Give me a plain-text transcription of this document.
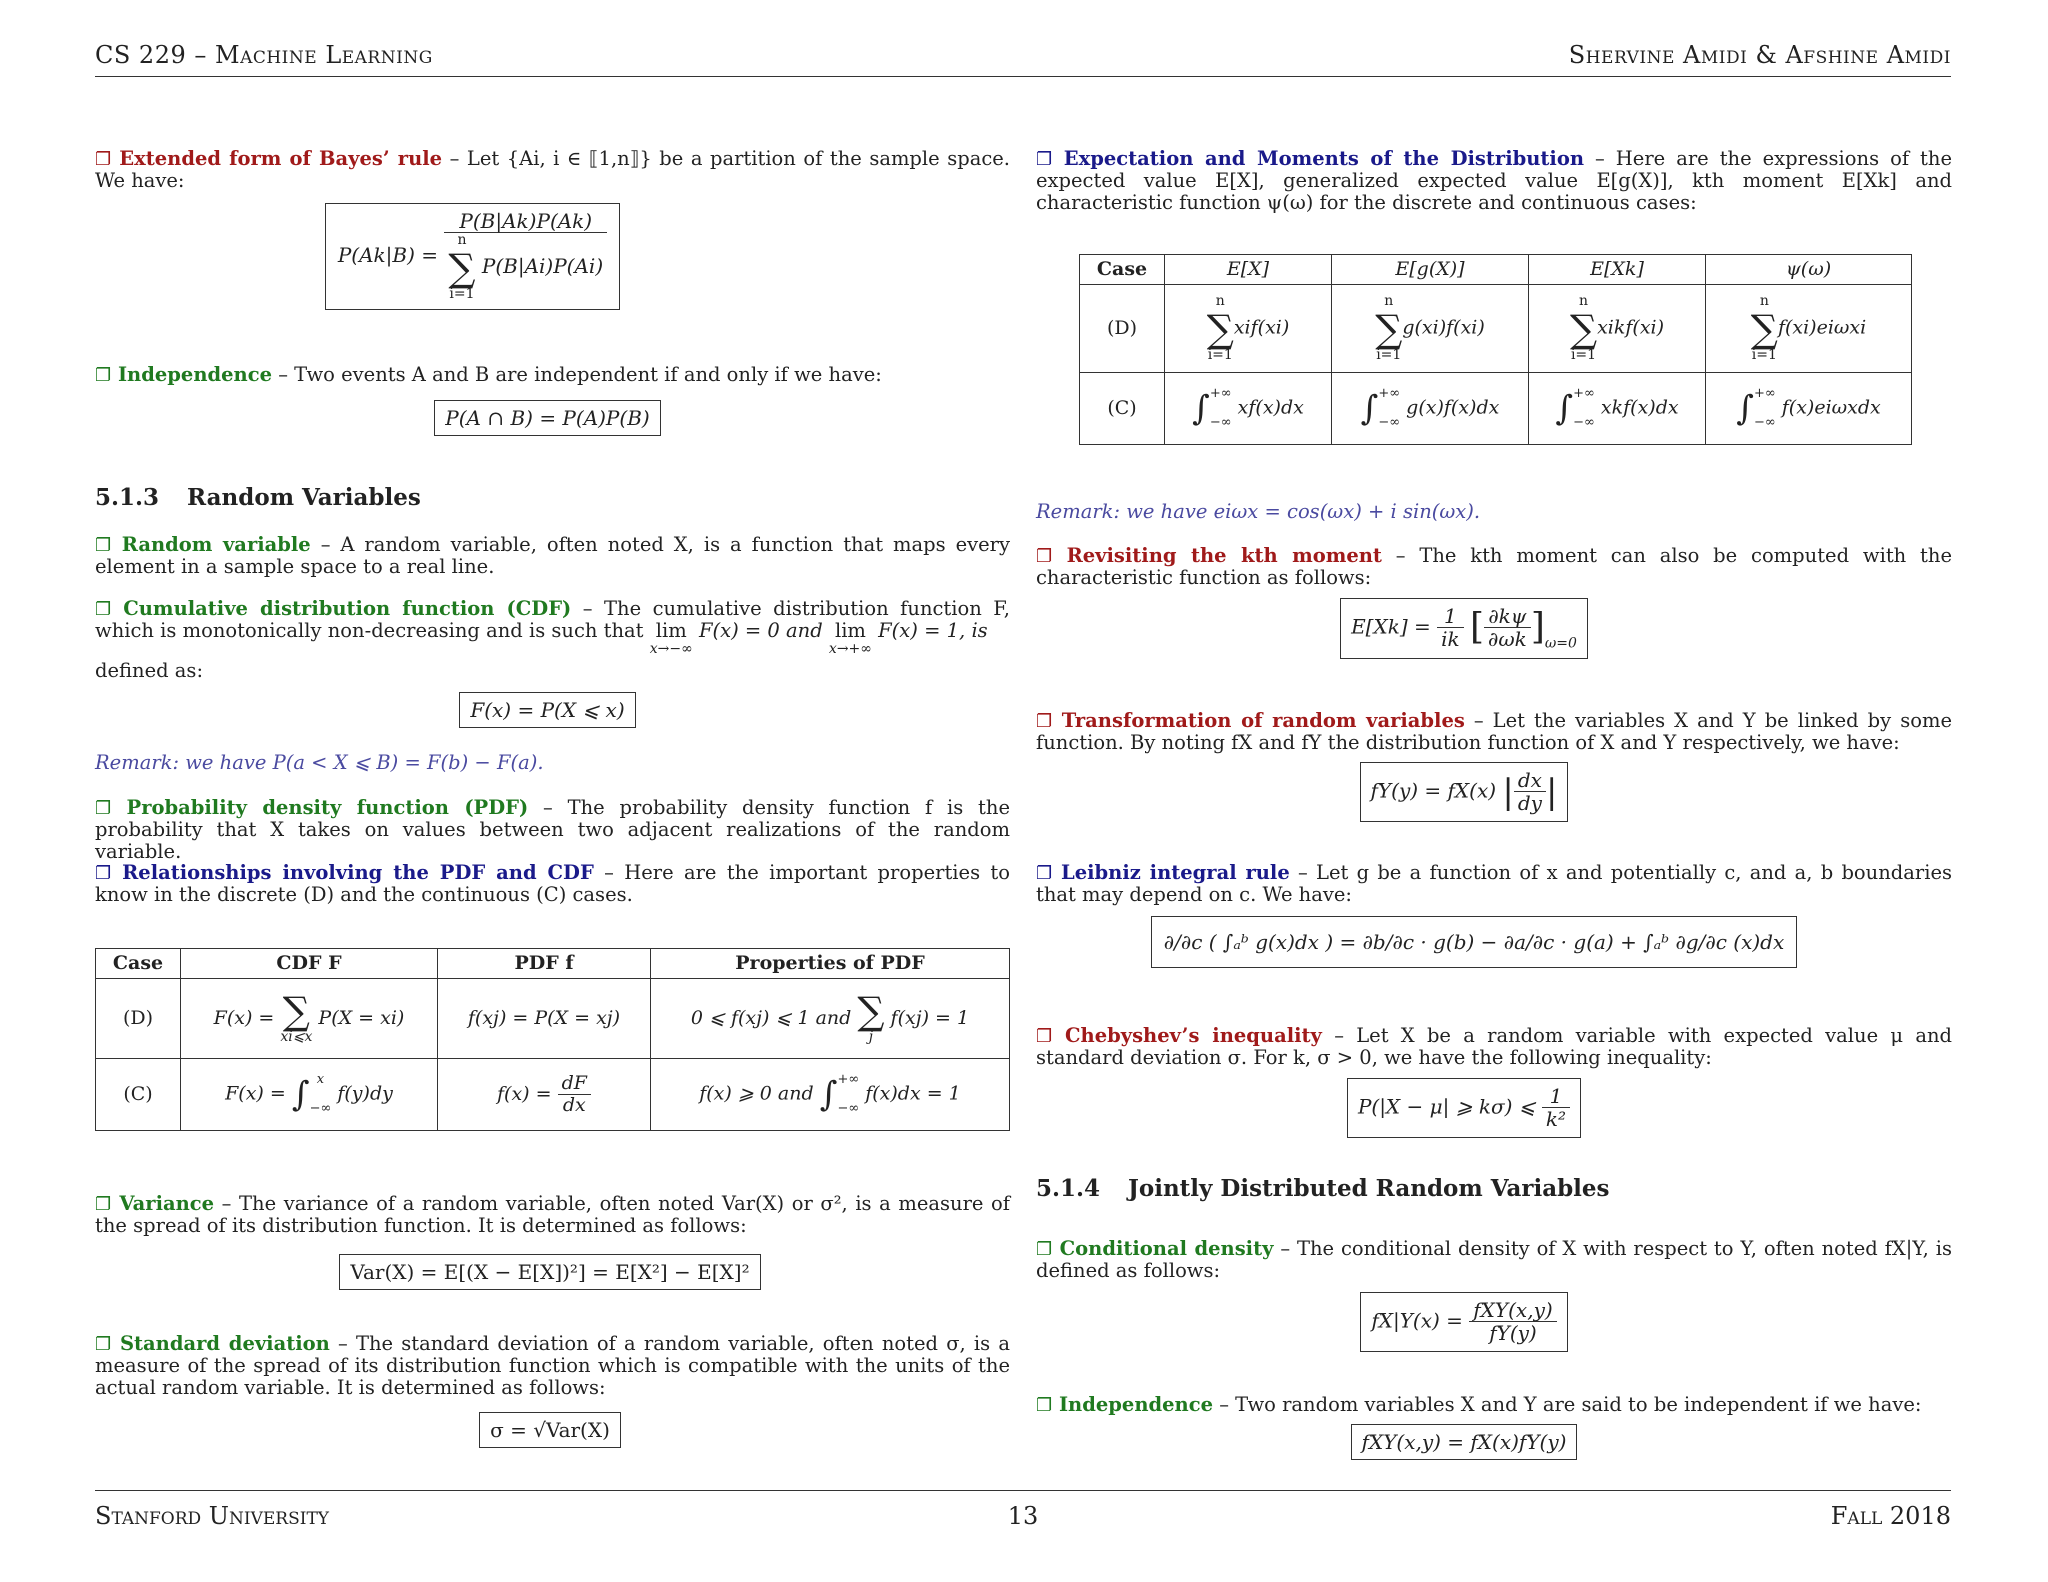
CS 229 – Machine Learning	Shervine Amidi & Afshine Amidi

❐ Extended form of Bayes’ rule – Let {Ai, i ∈ ⟦1,n⟧} be a partition of the sample space. We have:

P(Ak|B) =
P(B|Ak)P(Ak)
n
∑
i=1
P(B|Ai)P(Ai)

❐ Independence – Two events A and B are independent if and only if we have:

P(A ∩ B) = P(A)P(B)
5.1.3 Random Variables

❐ Random variable – A random variable, often noted X, is a function that maps every element in a sample space to a real line.

❐ Cumulative distribution function (CDF) – The cumulative distribution function F, which is monotonically non-decreasing and is such that lim
x→−∞
F(x) = 0 and lim
x→+∞
F(x) = 1, is

defined as:
F(x) = P(X ⩽ x)
Remark: we have P(a < X ⩽ B) = F(b) − F(a).

❐ Probability density function (PDF) – The probability density function f is the probability that X takes on values between two adjacent realizations of the random variable.

❐ Relationships involving the PDF and CDF – Here are the important properties to know in the discrete (D) and the continuous (C) cases.

Case	CDF F	PDF f	Properties of PDF
(D)	F(x) = ∑
xi⩽x
P(X = xi)	f(xj) = P(X = xj)	0 ⩽ f(xj) ⩽ 1 and ∑
j
f(xj) = 1
(C)	F(x) = ∫ x
−∞
f(y)dy	$f(x) = \frac{dF}{dx}$	f(x) ⩾ 0 and ∫ +∞
−∞
f(x)dx = 1

❐ Variance – The variance of a random variable, often noted Var(X) or σ², is a measure of the spread of its distribution function. It is determined as follows:

Var(X) = E[(X − E[X])²] = E[X²] − E[X]²

❐ Standard deviation – The standard deviation of a random variable, often noted σ, is a measure of the spread of its distribution function which is compatible with the units of the actual random variable. It is determined as follows:

σ = √Var(X)

❐ Expectation and Moments of the Distribution – Here are the expressions of the expected value E[X], generalized expected value E[g(X)], kth moment E[Xk] and characteristic function ψ(ω) for the discrete and continuous cases:

Case	E[X]	E[g(X)]	E[Xk]	ψ(ω)
(D)	n
∑
i=1
xif(xi)	n
∑
i=1
g(xi)f(xi)	n
∑
i=1
xikf(xi)	n
∑
i=1
f(xi)eiωxi
(C)	∫ +∞
−∞
xf(x)dx	∫ +∞
−∞
g(x)f(x)dx	∫ +∞
−∞
xkf(x)dx	∫ +∞
−∞
f(x)eiωxdx
Remark: we have eiωx = cos(ωx) + i sin(ωx).

❐ Revisiting the kth moment – The kth moment can also be computed with the characteristic function as follows:

$E[Xk] = \frac{1}{ik}$ [ $\frac{\partial k\psi}{\partial\omega k} ]_{\omega=0}$

❐ Transformation of random variables – Let the variables X and Y be linked by some function. By noting fX and fY the distribution function of X and Y respectively, we have:

fY(y) = fX(x) | $\frac{dx}{dy}$ |

❐ Leibniz integral rule – Let g be a function of x and potentially c, and a, b boundaries that may depend on c. We have:

∂/∂c ( ∫ₐᵇ g(x)dx ) = ∂b/∂c · g(b) − ∂a/∂c · g(a) + ∫ₐᵇ ∂g/∂c (x)dx

❐ Chebyshev’s inequality – Let X be a random variable with expected value μ and standard deviation σ. For k, σ > 0, we have the following inequality:

P(|X − μ| ⩾ kσ) ⩽ $\frac{1}{\text{k²}}$
5.1.4 Jointly Distributed Random Variables

❐ Conditional density – The conditional density of X with respect to Y, often noted fX|Y, is defined as follows:

$fX|Y(x) = \frac{\text{fXY(x,y)}}{fY(y)}$

❐ Independence – Two random variables X and Y are said to be independent if we have:

fXY(x,y) = fX(x)fY(y)
Stanford University	13	Fall 2018
